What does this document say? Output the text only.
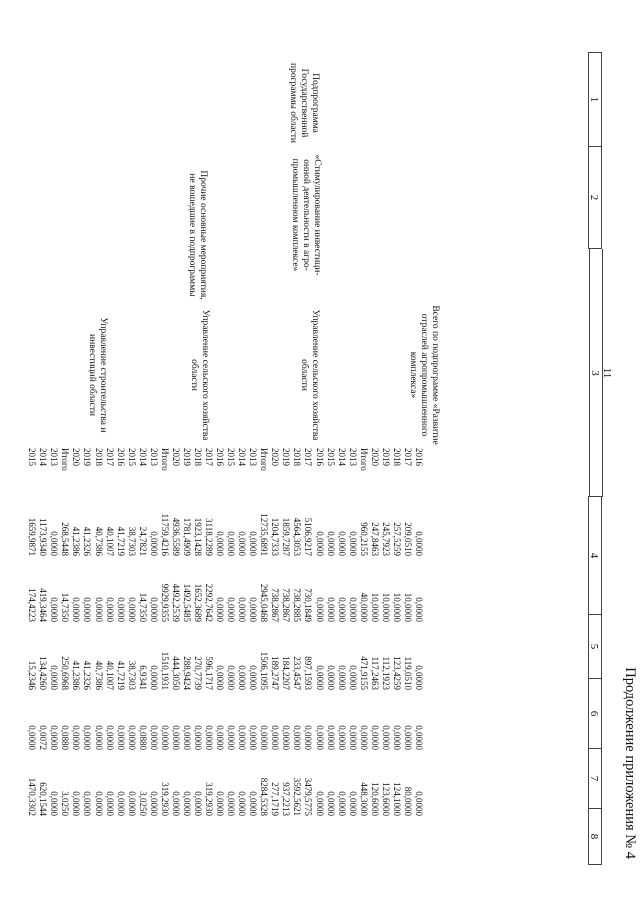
Продолжение приложения № 4
1
2
11
3
4
5
6
7
8
Подпрограмма
Государственной
программы области
«Стимулирование инвестици-
онной деятельности в агро-
промышленном комплексе»
Прочие основные мероприятия,
не вошедшие в подпрограммы
Всего по подпрограмме «Развитие
отраслей агропромышленного
комплекса»
Управление сельского хозяйства
области
Управление сельского хозяйства
области
Управление строительства и
инвестиций области
2016
2017
2018
2019
2020
Итого
2013
2014
2015
2016
2017
2018
2019
2020
Итого
2013
2014
2015
2016
2017
2018
2019
2020
Итого
2013
2014
2015
2016
2017
2018
2019
2020
Итого
2013
2014
2015
0,0000
209,0510
257,5259
245,7923
247,8463
960,2155
0,0000
0,0000
0,0000
0,0000
5106,9217
4564,3053
1859,7287
1204,7333
12735,6891
0,0000
0,0000
0,0000
0,0000
3118,2289
1923,1428
1781,4909
4936,5589
11759,4216
0,0000
24,7821
38,7303
41,7219
40,1007
40,7386
41,2326
41,2386
268,5448
0,0000
1173,9340
1659,9871
0,0000
10,0000
10,0000
10,0000
10,0000
40,0000
0,0000
0,0000
0,0000
0,0000
730,1849
738,2885
738,2867
738,2867
2945,0468
0,0000
0,0000
0,0000
0,0000
2292,7642
1652,3689
1492,5485
4492,2539
9929,9355
0,0000
14,7350
0,0000
0,0000
0,0000
0,0000
0,0000
0,0000
14,7350
0,0000
419,3464
174,4223
0,0000
119,0510
123,4259
112,1923
117,2463
471,9155
0,0000
0,0000
0,0000
0,0000
897,1593
233,4547
184,2207
189,2747
1506,1095
0,0000
0,0000
0,0000
0,0000
596,1717
270,7739
288,9424
444,3050
1510,1931
0,0000
6,9341
38,7303
41,7219
40,1007
40,7386
41,2326
41,2386
250,6968
0,0000
134,4260
15,2346
0,0000
0,0000
0,0000
0,0000
0,0000
0,0000
0,0000
0,0000
0,0000
0,0000
0,0000
0,0000
0,0000
0,0000
0,0000
0,0000
0,0000
0,0000
0,0000
0,0000
0,0000
0,0000
0,0000
0,0000
0,0000
0,0880
0,0000
0,0000
0,0000
0,0000
0,0000
0,0000
0,0880
0,0000
0,0072
0,0000
0,0000
80,0000
124,1000
123,6000
120,6000
448,3000
0,0000
0,0000
0,0000
0,0000
3479,5775
3592,5621
937,2213
277,1719
8284,5328
0,0000
0,0000
0,0000
0,0000
319,2930
0,0000
0,0000
0,0000
319,2930
0,0000
3,0250
0,0000
0,0000
0,0000
0,0000
0,0000
0,0000
3,0250
0,0000
620,1544
1470,3302
